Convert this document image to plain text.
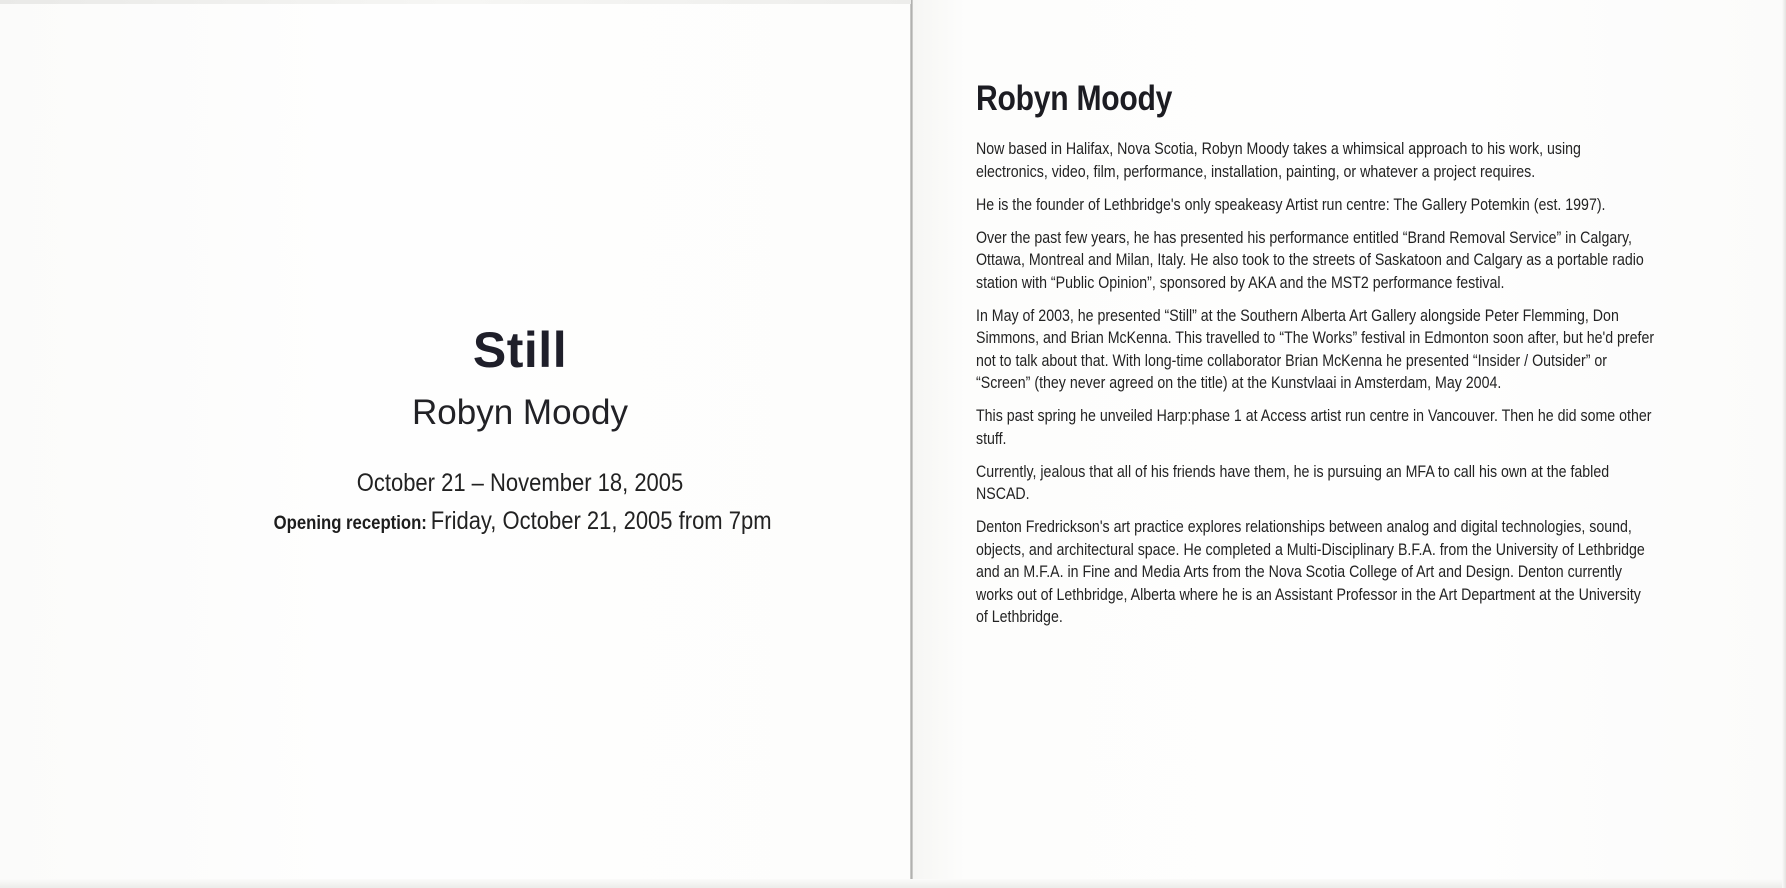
Still
Robyn Moody
October 21 – November 18, 2005
Opening reception: Friday, October 21, 2005 from 7pm
Robyn Moody

Now based in Halifax, Nova Scotia, Robyn Moody takes a whimsical approach to his work, using electronics, video, film, performance, installation, painting, or whatever a project requires.

He is the founder of Lethbridge's only speakeasy Artist run centre: The Gallery Potemkin (est. 1997).

Over the past few years, he has presented his performance entitled “Brand Removal Service” in Calgary, Ottawa, Montreal and Milan, Italy. He also took to the streets of Saskatoon and Calgary as a portable radio station with “Public Opinion”, sponsored by AKA and the MST2 performance festival.

In May of 2003, he presented “Still” at the Southern Alberta Art Gallery alongside Peter Flemming, Don Simmons, and Brian McKenna. This travelled to “The Works” festival in Edmonton soon after, but he'd prefer not to talk about that. With long-time collaborator Brian McKenna he presented “Insider / Outsider” or “Screen” (they never agreed on the title) at the Kunstvlaai in Amsterdam, May 2004.

This past spring he unveiled Harp:phase 1 at Access artist run centre in Vancouver. Then he did some other stuff.

Currently, jealous that all of his friends have them, he is pursuing an MFA to call his own at the fabled NSCAD.

Denton Fredrickson's art practice explores relationships between analog and digital technologies, sound, objects, and architectural space. He completed a Multi-Disciplinary B.F.A. from the University of Lethbridge and an M.F.A. in Fine and Media Arts from the Nova Scotia College of Art and Design. Denton currently works out of Lethbridge, Alberta where he is an Assistant Professor in the Art Department at the University of Lethbridge.
